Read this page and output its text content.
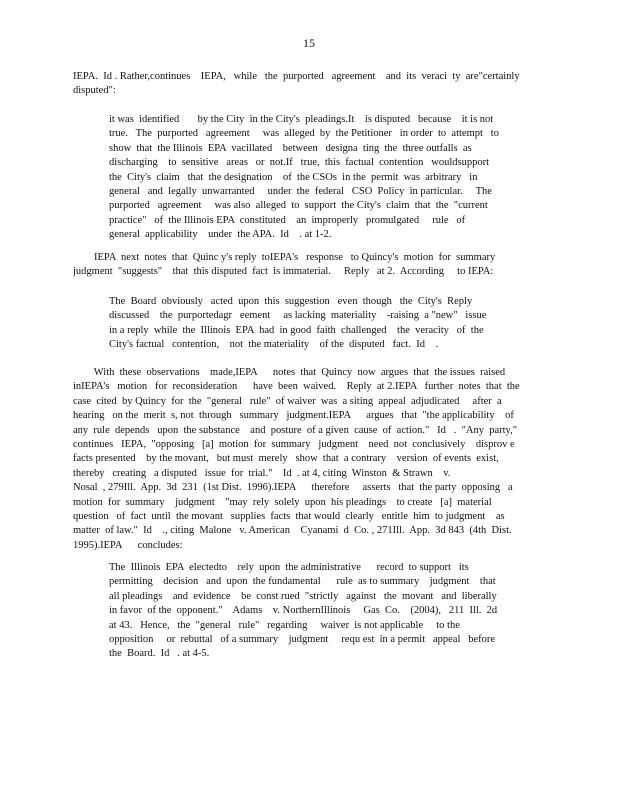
15
IEPA.  Id . Rather,continues    IEPA,   while   the  purported   agreement    and  its  veraci  ty  are"certainly
disputed":
it was  identified       by the City  in the City's  pleadings.It    is disputed   because    it is not
true.   The  purported   agreement     was  alleged  by  the Petitioner   in order  to  attempt   to
show  that  the Illinois  EPA  vacillated    between   designa  ting  the  three outfalls  as
discharging    to  sensitive   areas   or  not.If   true,  this  factual  contention   wouldsupport
the  City's  claim   that  the designation    of  the CSOs  in the  permit  was  arbitrary   in
general   and  legally  unwarranted     under  the  federal   CSO  Policy  in particular.     The
purported   agreement     was also  alleged  to  support  the City's  claim  that  the  "current
practice"   of  the Illinois EPA  constituted    an  improperly   promulgated     rule   of
general  applicability    under  the APA.  Id    . at 1-2.
IEPA  next  notes  that  Quinc y's reply  toIEPA's   response   to Quincy's  motion  for  summary
judgment  "suggests"    that  this disputed  fact  is immaterial.     Reply   at 2.  According     to IEPA:
The  Board  obviously   acted  upon  this  suggestion   even  though   the  City's  Reply
discussed    the  purportedagr   eement     as lacking  materiality    -raising  a "new"   issue
in a reply  while  the  Illinois  EPA  had  in good  faith  challenged    the  veracity   of  the
City's factual   contention,    not  the materiality    of the  disputed   fact.  Id    .
With  these  observations    made,IEPA      notes  that  Quincy  now  argues  that  the issues  raised
inIEPA's   motion   for  reconsideration      have  been  waived.    Reply  at 2.IEPA   further  notes  that  the
case  cited  by Quincy  for  the  "general   rule"  of waiver  was  a siting  appeal  adjudicated     after  a
hearing   on the  merit  s, not  through   summary   judgment.IEPA      argues   that  "the applicability    of
any  rule  depends   upon  the substance    and  posture  of a given  cause  of  action."   Id   .  "Any  party,"
continues   IEPA,  "opposing   [a]  motion  for  summary   judgment    need  not  conclusively    disprov e
facts presented    by the movant,   but must  merely   show  that  a contrary    version  of events  exist,
thereby   creating   a disputed   issue  for  trial."    Id  . at 4, citing  Winston  & Strawn    v.
Nosal  , 279Ill.  App.  3d  231  (1st Dist.  1996).IEPA      therefore     asserts   that  the party  opposing   a
motion  for  summary    judgment    "may  rely  solely  upon  his pleadings    to create   [a]  material
question   of  fact  until  the movant   supplies  facts  that would  clearly   entitle  him  to judgment    as
matter  of law."  Id    ., citing  Malone   v. American    Cyanami  d  Co. , 271Ill.  App.  3d 843  (4th  Dist.
1995).IEPA      concludes:
The  Illinois  EPA  electedto    rely  upon  the administrative      record  to support   its
permitting    decision   and  upon  the fundamental      rule  as to summary    judgment    that
all pleadings    and  evidence    be  const rued  "strictly   against   the  movant   and  liberally
in favor  of the  opponent."    Adams    v. NorthernIllinois     Gas  Co.    (2004),   211  Ill.  2d
at 43.   Hence,   the  "general   rule"   regarding     waiver  is not applicable     to the
opposition     or  rebuttal   of a summary    judgment     requ est  in a permit   appeal   before
the  Board.  Id   . at 4-5.
